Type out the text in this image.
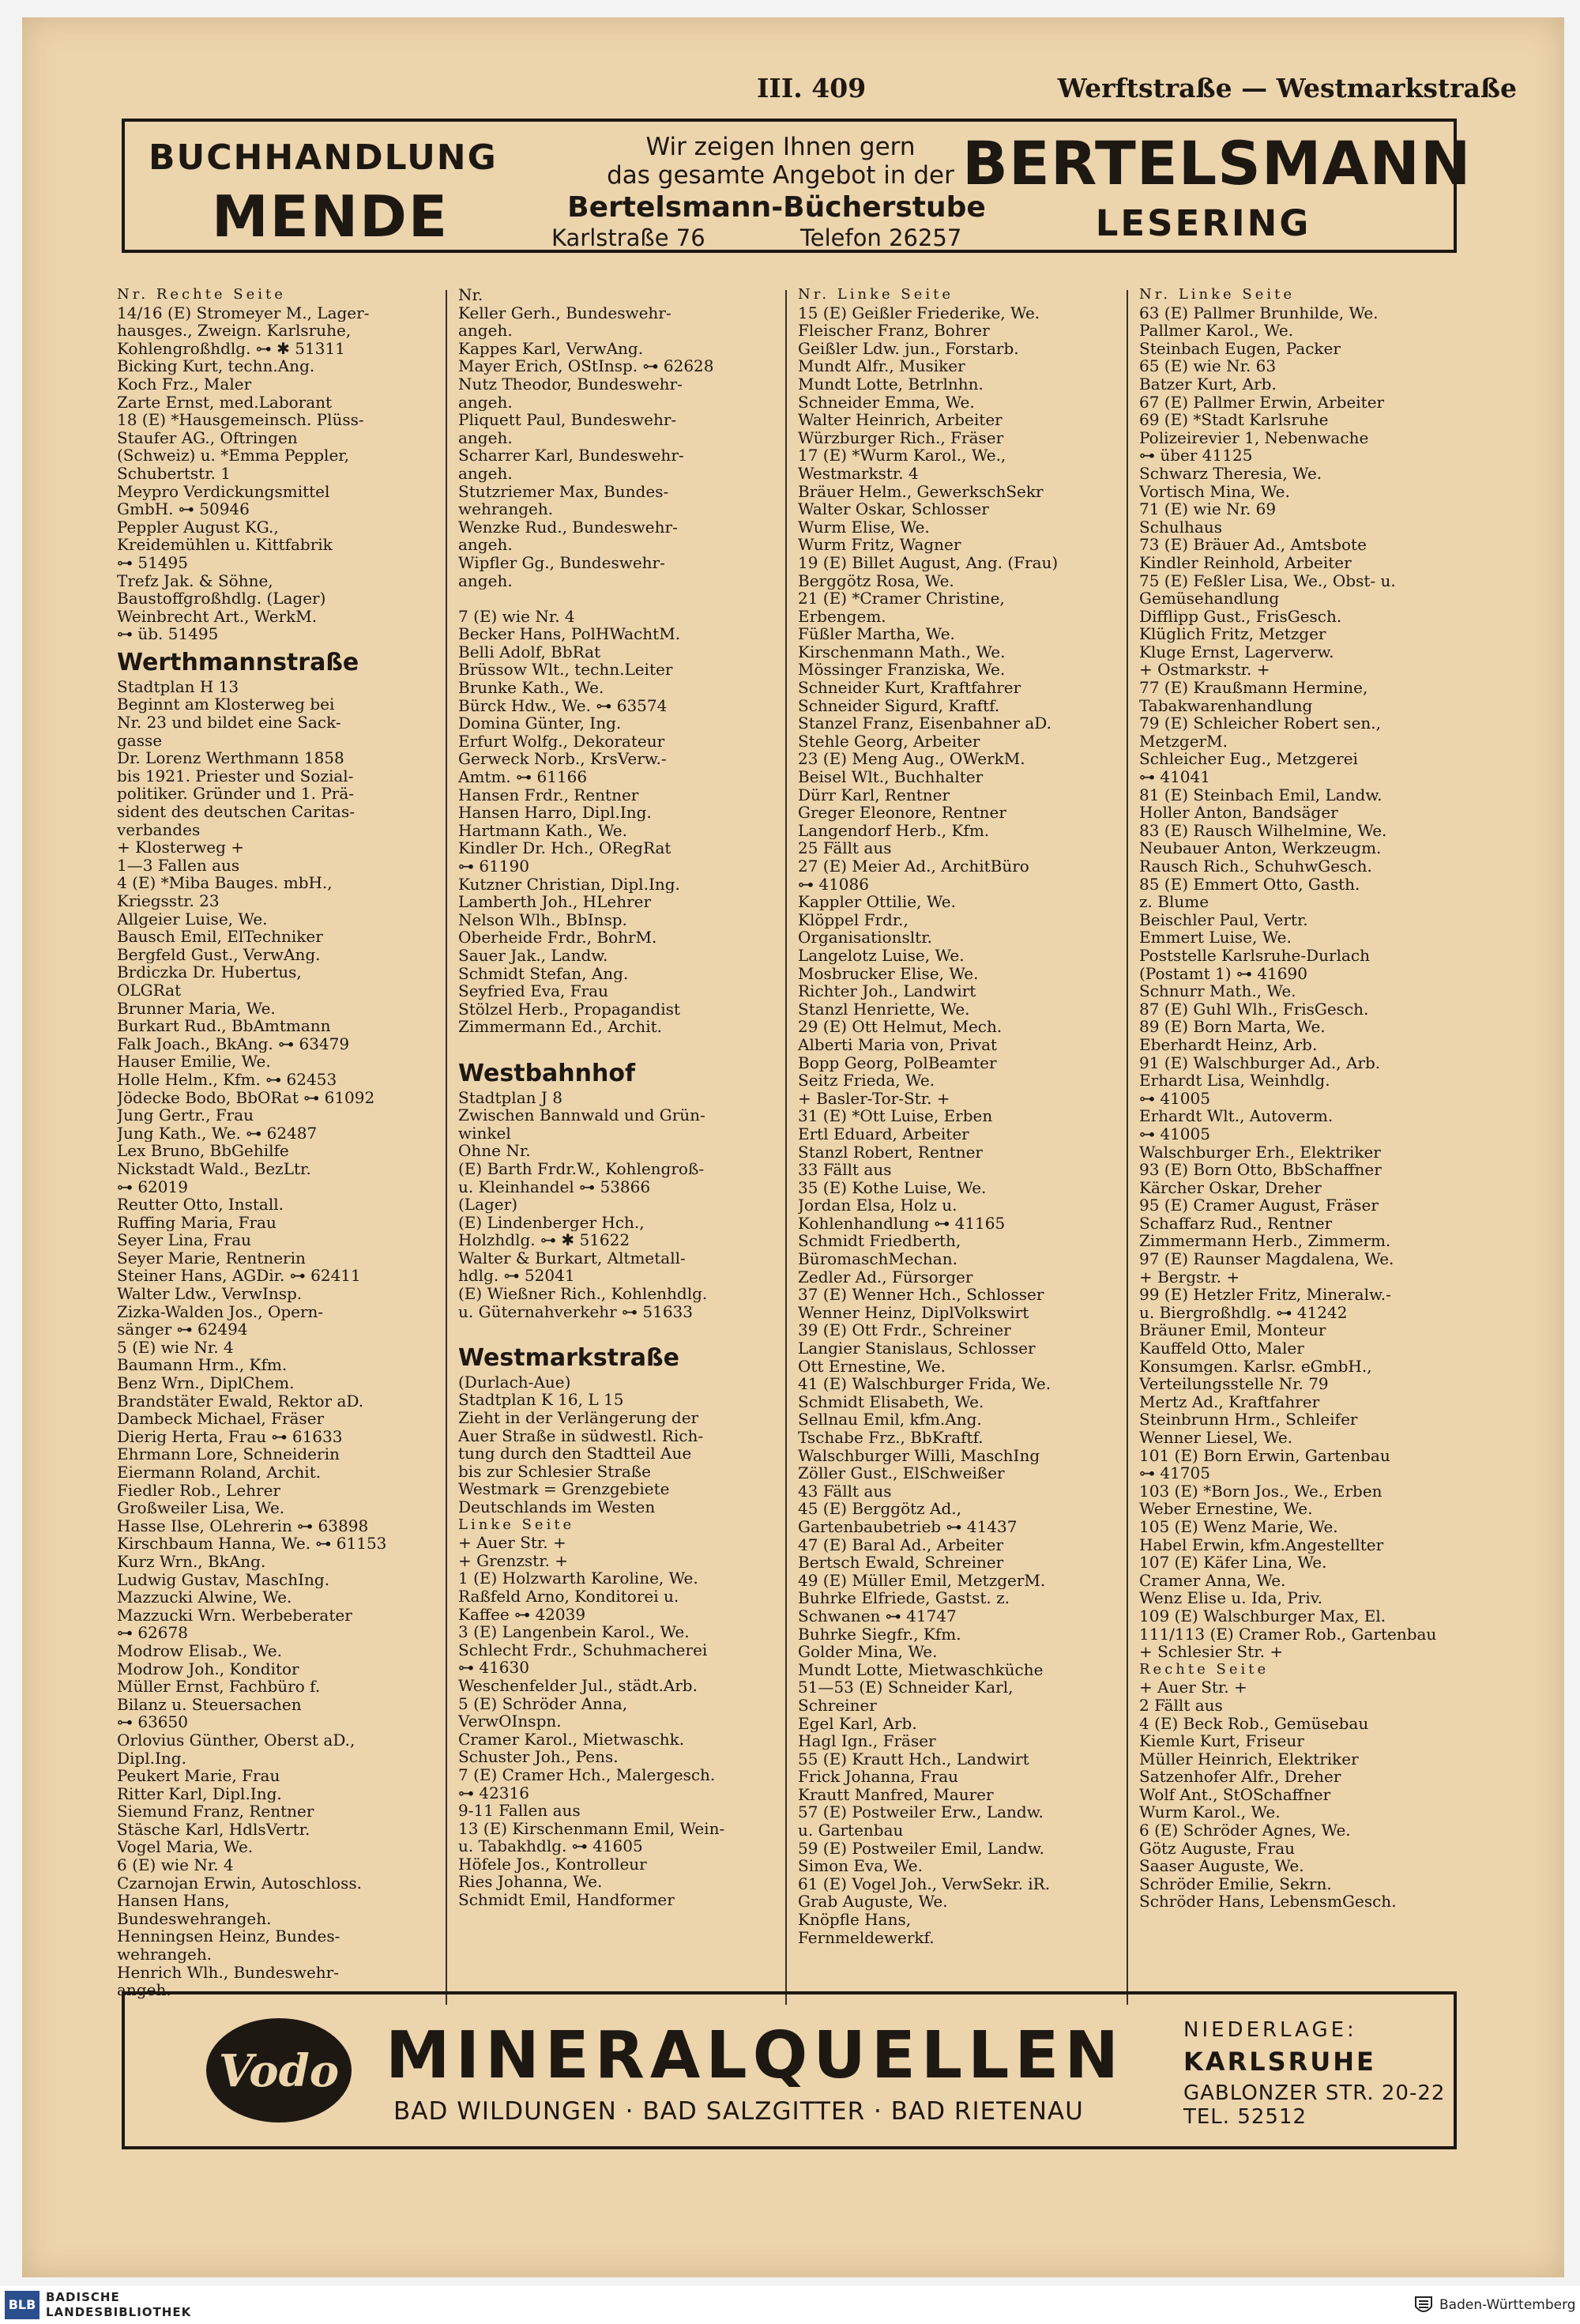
III. 409	Werftstraße — Westmarkstraße
BUCHHANDLUNG
MENDE
Wir zeigen Ihnen gern
das gesamte Angebot in der
Bertelsmann-Bücherstube
Karlstraße 76	Telefon 26257
BERTELSMANN
LESERING
Nr. Rechte Seite
14/16 (E) Stromeyer M., Lager-
hausges., Zweign. Karlsruhe,
Kohlengroßhdlg. ⊶ ✱ 51311
Bicking Kurt, techn.Ang.
Koch Frz., Maler
Zarte Ernst, med.Laborant
18 (E) *Hausgemeinsch. Plüss-
Staufer AG., Oftringen
(Schweiz) u. *Emma Peppler,
Schubertstr. 1
Meypro Verdickungsmittel
GmbH. ⊶ 50946
Peppler August KG.,
Kreidemühlen u. Kittfabrik
⊶ 51495
Trefz Jak. & Söhne,
Baustoffgroßhdlg. (Lager)
Weinbrecht Art., WerkM.
⊶ üb. 51495
Werthmannstraße
Stadtplan H 13
Beginnt am Klosterweg bei
Nr. 23 und bildet eine Sack-
gasse
Dr. Lorenz Werthmann 1858
bis 1921. Priester und Sozial-
politiker. Gründer und 1. Prä-
sident des deutschen Caritas-
verbandes
+ Klosterweg +
1—3 Fallen aus
4 (E) *Miba Bauges. mbH.,
Kriegsstr. 23
Allgeier Luise, We.
Bausch Emil, ElTechniker
Bergfeld Gust., VerwAng.
Brdiczka Dr. Hubertus,
OLGRat
Brunner Maria, We.
Burkart Rud., BbAmtmann
Falk Joach., BkAng. ⊶ 63479
Hauser Emilie, We.
Holle Helm., Kfm. ⊶ 62453
Jödecke Bodo, BbORat ⊶ 61092
Jung Gertr., Frau
Jung Kath., We. ⊶ 62487
Lex Bruno, BbGehilfe
Nickstadt Wald., BezLtr.
⊶ 62019
Reutter Otto, Install.
Ruffing Maria, Frau
Seyer Lina, Frau
Seyer Marie, Rentnerin
Steiner Hans, AGDir. ⊶ 62411
Walter Ldw., VerwInsp.
Zizka-Walden Jos., Opern-
sänger ⊶ 62494
5 (E) wie Nr. 4
Baumann Hrm., Kfm.
Benz Wrn., DiplChem.
Brandstäter Ewald, Rektor aD.
Dambeck Michael, Fräser
Dierig Herta, Frau ⊶ 61633
Ehrmann Lore, Schneiderin
Eiermann Roland, Archit.
Fiedler Rob., Lehrer
Großweiler Lisa, We.
Hasse Ilse, OLehrerin ⊶ 63898
Kirschbaum Hanna, We. ⊶ 61153
Kurz Wrn., BkAng.
Ludwig Gustav, MaschIng.
Mazzucki Alwine, We.
Mazzucki Wrn. Werbeberater
⊶ 62678
Modrow Elisab., We.
Modrow Joh., Konditor
Müller Ernst, Fachbüro f.
Bilanz u. Steuersachen
⊶ 63650
Orlovius Günther, Oberst aD.,
Dipl.Ing.
Peukert Marie, Frau
Ritter Karl, Dipl.Ing.
Siemund Franz, Rentner
Stäsche Karl, HdlsVertr.
Vogel Maria, We.
6 (E) wie Nr. 4
Czarnojan Erwin, Autoschloss.
Hansen Hans,
Bundeswehrangeh.
Henningsen Heinz, Bundes-
wehrangeh.
Henrich Wlh., Bundeswehr-
angeh.
Nr.
Keller Gerh., Bundeswehr-
angeh.
Kappes Karl, VerwAng.
Mayer Erich, OStInsp. ⊶ 62628
Nutz Theodor, Bundeswehr-
angeh.
Pliquett Paul, Bundeswehr-
angeh.
Scharrer Karl, Bundeswehr-
angeh.
Stutzriemer Max, Bundes-
wehrangeh.
Wenzke Rud., Bundeswehr-
angeh.
Wipfler Gg., Bundeswehr-
angeh.

7 (E) wie Nr. 4
Becker Hans, PolHWachtM.
Belli Adolf, BbRat
Brüssow Wlt., techn.Leiter
Brunke Kath., We.
Bürck Hdw., We. ⊶ 63574
Domina Günter, Ing.
Erfurt Wolfg., Dekorateur
Gerweck Norb., KrsVerw.-
Amtm. ⊶ 61166
Hansen Frdr., Rentner
Hansen Harro, Dipl.Ing.
Hartmann Kath., We.
Kindler Dr. Hch., ORegRat
⊶ 61190
Kutzner Christian, Dipl.Ing.
Lamberth Joh., HLehrer
Nelson Wlh., BbInsp.
Oberheide Frdr., BohrM.
Sauer Jak., Landw.
Schmidt Stefan, Ang.
Seyfried Eva, Frau
Stölzel Herb., Propagandist
Zimmermann Ed., Archit.

Westbahnhof
Stadtplan J 8
Zwischen Bannwald und Grün-
winkel
Ohne Nr.
(E) Barth Frdr.W., Kohlengroß-
u. Kleinhandel ⊶ 53866
(Lager)
(E) Lindenberger Hch.,
Holzhdlg. ⊶ ✱ 51622
Walter & Burkart, Altmetall-
hdlg. ⊶ 52041
(E) Wießner Rich., Kohlenhdlg.
u. Güternahverkehr ⊶ 51633

Westmarkstraße
(Durlach-Aue)
Stadtplan K 16, L 15
Zieht in der Verlängerung der
Auer Straße in südwestl. Rich-
tung durch den Stadtteil Aue
bis zur Schlesier Straße
Westmark = Grenzgebiete
Deutschlands im Westen
Linke Seite
+ Auer Str. +
+ Grenzstr. +
1 (E) Holzwarth Karoline, We.
Raßfeld Arno, Konditorei u.
Kaffee ⊶ 42039
3 (E) Langenbein Karol., We.
Schlecht Frdr., Schuhmacherei
⊶ 41630
Weschenfelder Jul., städt.Arb.
5 (E) Schröder Anna,
VerwOInspn.
Cramer Karol., Mietwaschk.
Schuster Joh., Pens.
7 (E) Cramer Hch., Malergesch.
⊶ 42316
9-11 Fallen aus
13 (E) Kirschenmann Emil, Wein-
u. Tabakhdlg. ⊶ 41605
Höfele Jos., Kontrolleur
Ries Johanna, We.
Schmidt Emil, Handformer
Nr. Linke Seite
15 (E) Geißler Friederike, We.
Fleischer Franz, Bohrer
Geißler Ldw. jun., Forstarb.
Mundt Alfr., Musiker
Mundt Lotte, Betrlnhn.
Schneider Emma, We.
Walter Heinrich, Arbeiter
Würzburger Rich., Fräser
17 (E) *Wurm Karol., We.,
Westmarkstr. 4
Bräuer Helm., GewerkschSekr
Walter Oskar, Schlosser
Wurm Elise, We.
Wurm Fritz, Wagner
19 (E) Billet August, Ang. (Frau)
Berggötz Rosa, We.
21 (E) *Cramer Christine,
Erbengem.
Füßler Martha, We.
Kirschenmann Math., We.
Mössinger Franziska, We.
Schneider Kurt, Kraftfahrer
Schneider Sigurd, Kraftf.
Stanzel Franz, Eisenbahner aD.
Stehle Georg, Arbeiter
23 (E) Meng Aug., OWerkM.
Beisel Wlt., Buchhalter
Dürr Karl, Rentner
Greger Eleonore, Rentner
Langendorf Herb., Kfm.
25 Fällt aus
27 (E) Meier Ad., ArchitBüro
⊶ 41086
Kappler Ottilie, We.
Klöppel Frdr.,
Organisationsltr.
Langelotz Luise, We.
Mosbrucker Elise, We.
Richter Joh., Landwirt
Stanzl Henriette, We.
29 (E) Ott Helmut, Mech.
Alberti Maria von, Privat
Bopp Georg, PolBeamter
Seitz Frieda, We.
+ Basler-Tor-Str. +
31 (E) *Ott Luise, Erben
Ertl Eduard, Arbeiter
Stanzl Robert, Rentner
33 Fällt aus
35 (E) Kothe Luise, We.
Jordan Elsa, Holz u.
Kohlenhandlung ⊶ 41165
Schmidt Friedberth,
BüromaschMechan.
Zedler Ad., Fürsorger
37 (E) Wenner Hch., Schlosser
Wenner Heinz, DiplVolkswirt
39 (E) Ott Frdr., Schreiner
Langier Stanislaus, Schlosser
Ott Ernestine, We.
41 (E) Walschburger Frida, We.
Schmidt Elisabeth, We.
Sellnau Emil, kfm.Ang.
Tschabe Frz., BbKraftf.
Walschburger Willi, MaschIng
Zöller Gust., ElSchweißer
43 Fällt aus
45 (E) Berggötz Ad.,
Gartenbaubetrieb ⊶ 41437
47 (E) Baral Ad., Arbeiter
Bertsch Ewald, Schreiner
49 (E) Müller Emil, MetzgerM.
Buhrke Elfriede, Gastst. z.
Schwanen ⊶ 41747
Buhrke Siegfr., Kfm.
Golder Mina, We.
Mundt Lotte, Mietwaschküche
51—53 (E) Schneider Karl,
Schreiner
Egel Karl, Arb.
Hagl Ign., Fräser
55 (E) Krautt Hch., Landwirt
Frick Johanna, Frau
Krautt Manfred, Maurer
57 (E) Postweiler Erw., Landw.
u. Gartenbau
59 (E) Postweiler Emil, Landw.
Simon Eva, We.
61 (E) Vogel Joh., VerwSekr. iR.
Grab Auguste, We.
Knöpfle Hans,
Fernmeldewerkf.
Nr. Linke Seite
63 (E) Pallmer Brunhilde, We.
Pallmer Karol., We.
Steinbach Eugen, Packer
65 (E) wie Nr. 63
Batzer Kurt, Arb.
67 (E) Pallmer Erwin, Arbeiter
69 (E) *Stadt Karlsruhe
Polizeirevier 1, Nebenwache
⊶ über 41125
Schwarz Theresia, We.
Vortisch Mina, We.
71 (E) wie Nr. 69
Schulhaus
73 (E) Bräuer Ad., Amtsbote
Kindler Reinhold, Arbeiter
75 (E) Feßler Lisa, We., Obst- u.
Gemüsehandlung
Difflipp Gust., FrisGesch.
Klüglich Fritz, Metzger
Kluge Ernst, Lagerverw.
+ Ostmarkstr. +
77 (E) Kraußmann Hermine,
Tabakwarenhandlung
79 (E) Schleicher Robert sen.,
MetzgerM.
Schleicher Eug., Metzgerei
⊶ 41041
81 (E) Steinbach Emil, Landw.
Holler Anton, Bandsäger
83 (E) Rausch Wilhelmine, We.
Neubauer Anton, Werkzeugm.
Rausch Rich., SchuhwGesch.
85 (E) Emmert Otto, Gasth.
z. Blume
Beischler Paul, Vertr.
Emmert Luise, We.
Poststelle Karlsruhe-Durlach
(Postamt 1) ⊶ 41690
Schnurr Math., We.
87 (E) Guhl Wlh., FrisGesch.
89 (E) Born Marta, We.
Eberhardt Heinz, Arb.
91 (E) Walschburger Ad., Arb.
Erhardt Lisa, Weinhdlg.
⊶ 41005
Erhardt Wlt., Autoverm.
⊶ 41005
Walschburger Erh., Elektriker
93 (E) Born Otto, BbSchaffner
Kärcher Oskar, Dreher
95 (E) Cramer August, Fräser
Schaffarz Rud., Rentner
Zimmermann Herb., Zimmerm.
97 (E) Raunser Magdalena, We.
+ Bergstr. +
99 (E) Hetzler Fritz, Mineralw.-
u. Biergroßhdlg. ⊶ 41242
Bräuner Emil, Monteur
Kauffeld Otto, Maler
Konsumgen. Karlsr. eGmbH.,
Verteilungsstelle Nr. 79
Mertz Ad., Kraftfahrer
Steinbrunn Hrm., Schleifer
Wenner Liesel, We.
101 (E) Born Erwin, Gartenbau
⊶ 41705
103 (E) *Born Jos., We., Erben
Weber Ernestine, We.
105 (E) Wenz Marie, We.
Habel Erwin, kfm.Angestellter
107 (E) Käfer Lina, We.
Cramer Anna, We.
Wenz Elise u. Ida, Priv.
109 (E) Walschburger Max, El.
111/113 (E) Cramer Rob., Gartenbau
+ Schlesier Str. +
Rechte Seite
+ Auer Str. +
2 Fällt aus
4 (E) Beck Rob., Gemüsebau
Kiemle Kurt, Friseur
Müller Heinrich, Elektriker
Satzenhofer Alfr., Dreher
Wolf Ant., StOSchaffner
Wurm Karol., We.
6 (E) Schröder Agnes, We.
Götz Auguste, Frau
Saaser Auguste, We.
Schröder Emilie, Sekrn.
Schröder Hans, LebensmGesch.
Vodo MINERALQUELLEN
BAD WILDUNGEN · BAD SALZGITTER · BAD RIETENAU
NIEDERLAGE:
KARLSRUHE
GABLONZER STR. 20-22
TEL. 52512
BLB BADISCHE
LANDESBIBLIOTHEK	Baden-Württemberg
